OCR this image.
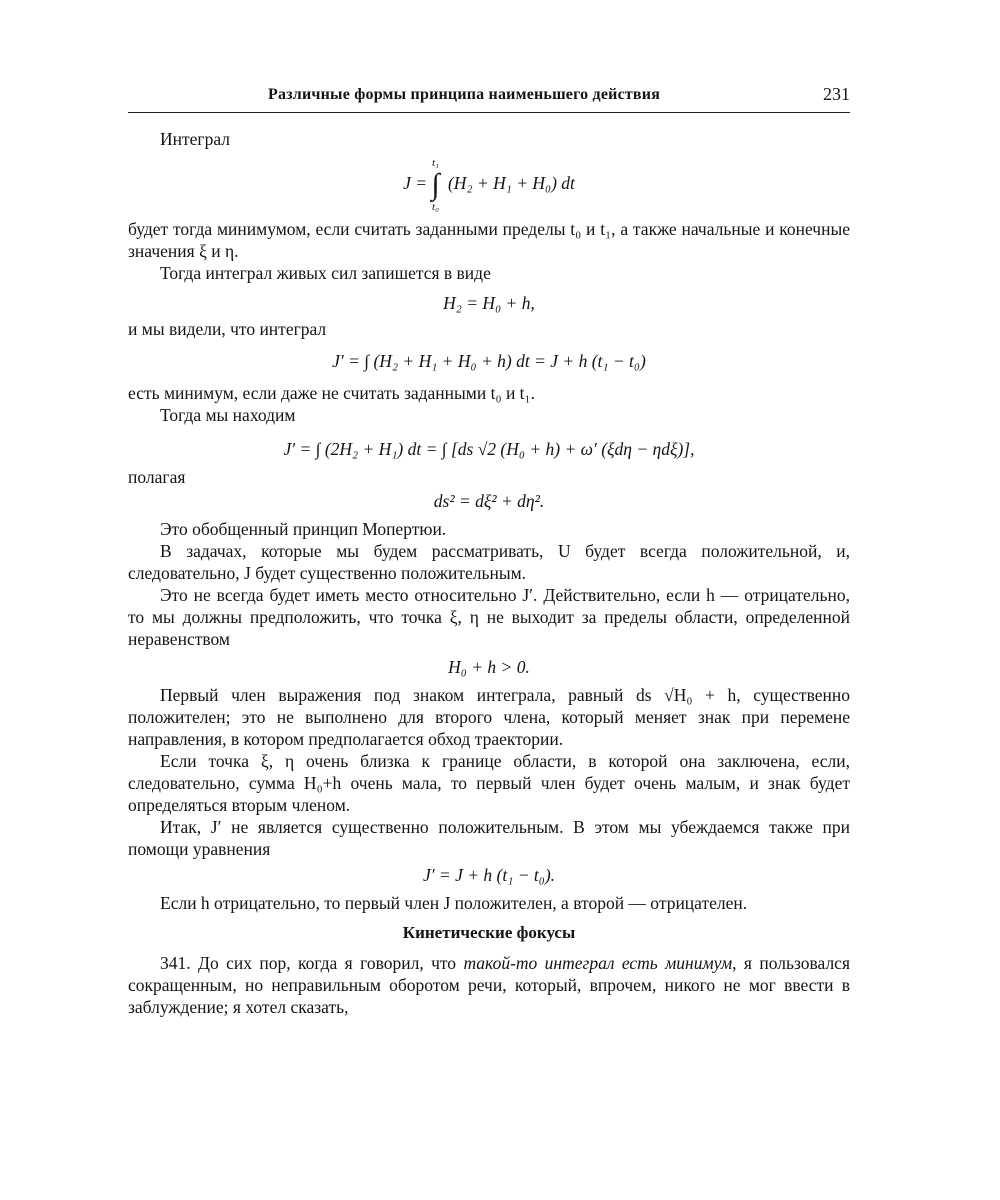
Различные формы принципа наименьшего действия	231

Интеграл

J =
t₁
∫
t₀
(H₂ + H₁ + H₀) dt

будет тогда минимумом, если считать заданными пределы t₀ и t₁, а также начальные и конечные значения ξ и η.

Тогда интеграл живых сил запишется в виде

H₂ = H₀ + h,

и мы видели, что интеграл

J′ = ∫ (H₂ + H₁ + H₀ + h) dt = J + h (t₁ − t₀)

есть минимум, если даже не считать заданными t₀ и t₁.

Тогда мы находим

J′ = ∫ (2H₂ + H₁) dt = ∫ [ds √2 (H₀ + h) + ω′ (ξdη − ηdξ)],

полагая

ds² = dξ² + dη².

Это обобщенный принцип Мопертюи.

В задачах, которые мы будем рассматривать, U будет всегда положительной, и, следовательно, J будет существенно положительным.

Это не всегда будет иметь место относительно J′. Действительно, если h — отрицательно, то мы должны предположить, что точка ξ, η не выходит за пределы области, определенной неравенством

H₀ + h > 0.

Первый член выражения под знаком интеграла, равный ds √H₀ + h, существенно положителен; это не выполнено для второго члена, который меняет знак при перемене направления, в котором предполагается обход траектории.

Если точка ξ, η очень близка к границе области, в которой она заключена, если, следовательно, сумма H₀+h очень мала, то первый член будет очень малым, и знак будет определяться вторым членом.

Итак, J′ не является существенно положительным. В этом мы убеждаемся также при помощи уравнения

J′ = J + h (t₁ − t₀).

Если h отрицательно, то первый член J положителен, а второй — отрицателен.

Кинетические фокусы

341. До сих пор, когда я говорил, что такой-то интеграл есть минимум, я пользовался сокращенным, но неправильным оборотом речи, который, впрочем, никого не мог ввести в заблуждение; я хотел сказать,
